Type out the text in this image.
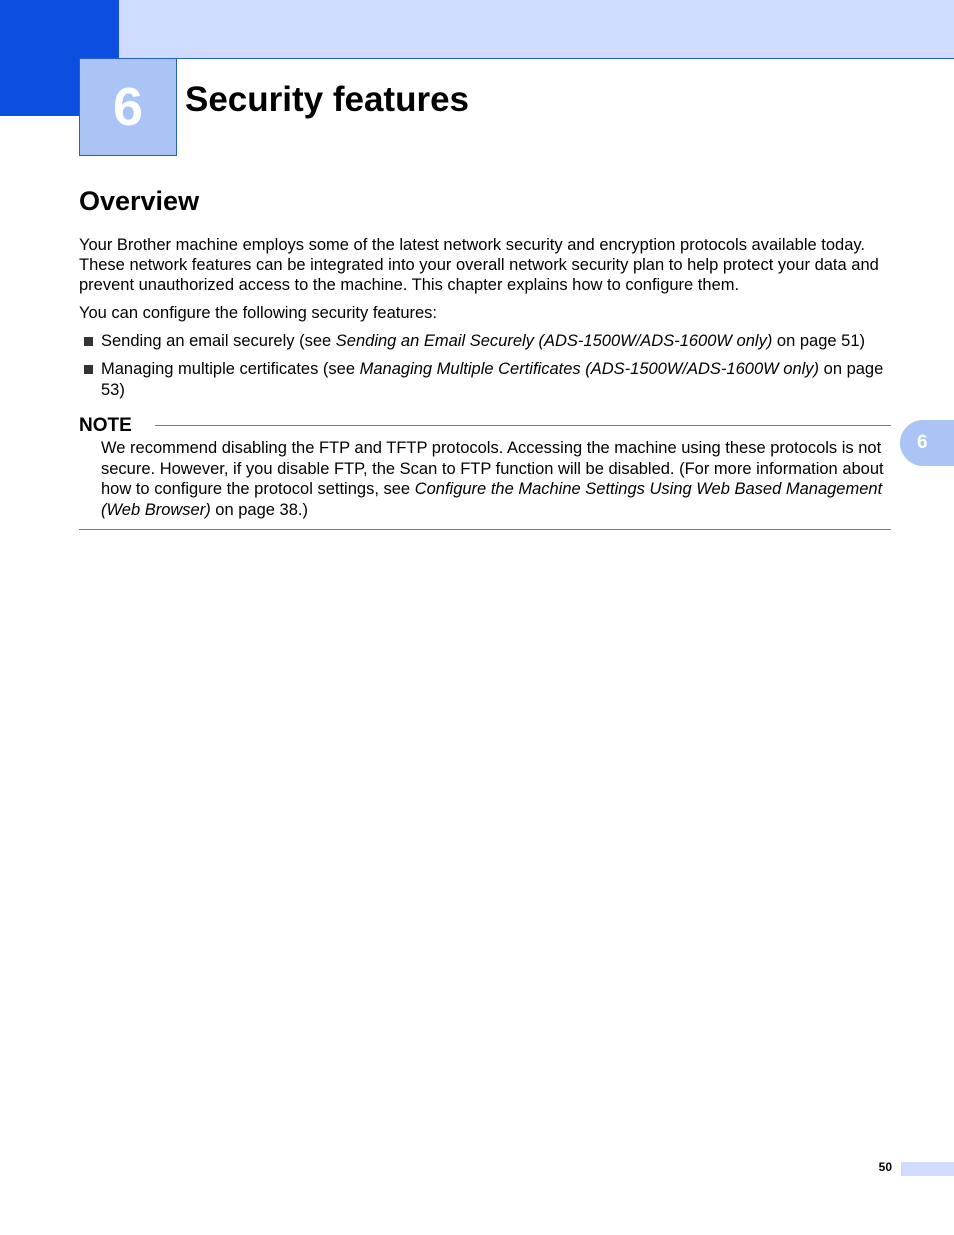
6 Security features
Overview

Your Brother machine employs some of the latest network security and encryption protocols available today. These network features can be integrated into your overall network security plan to help protect your data and prevent unauthorized access to the machine. This chapter explains how to configure them.

You can configure the following security features:

Sending an email securely (see Sending an Email Securely (ADS-1500W/ADS-1600W only) on page 51)
Managing multiple certificates (see Managing Multiple Certificates (ADS-1500W/ADS-1600W only) on page 53)
NOTE

We recommend disabling the FTP and TFTP protocols. Accessing the machine using these protocols is not secure. However, if you disable FTP, the Scan to FTP function will be disabled. (For more information about how to configure the protocol settings, see Configure the Machine Settings Using Web Based Management (Web Browser) on page 38.)

6
50
